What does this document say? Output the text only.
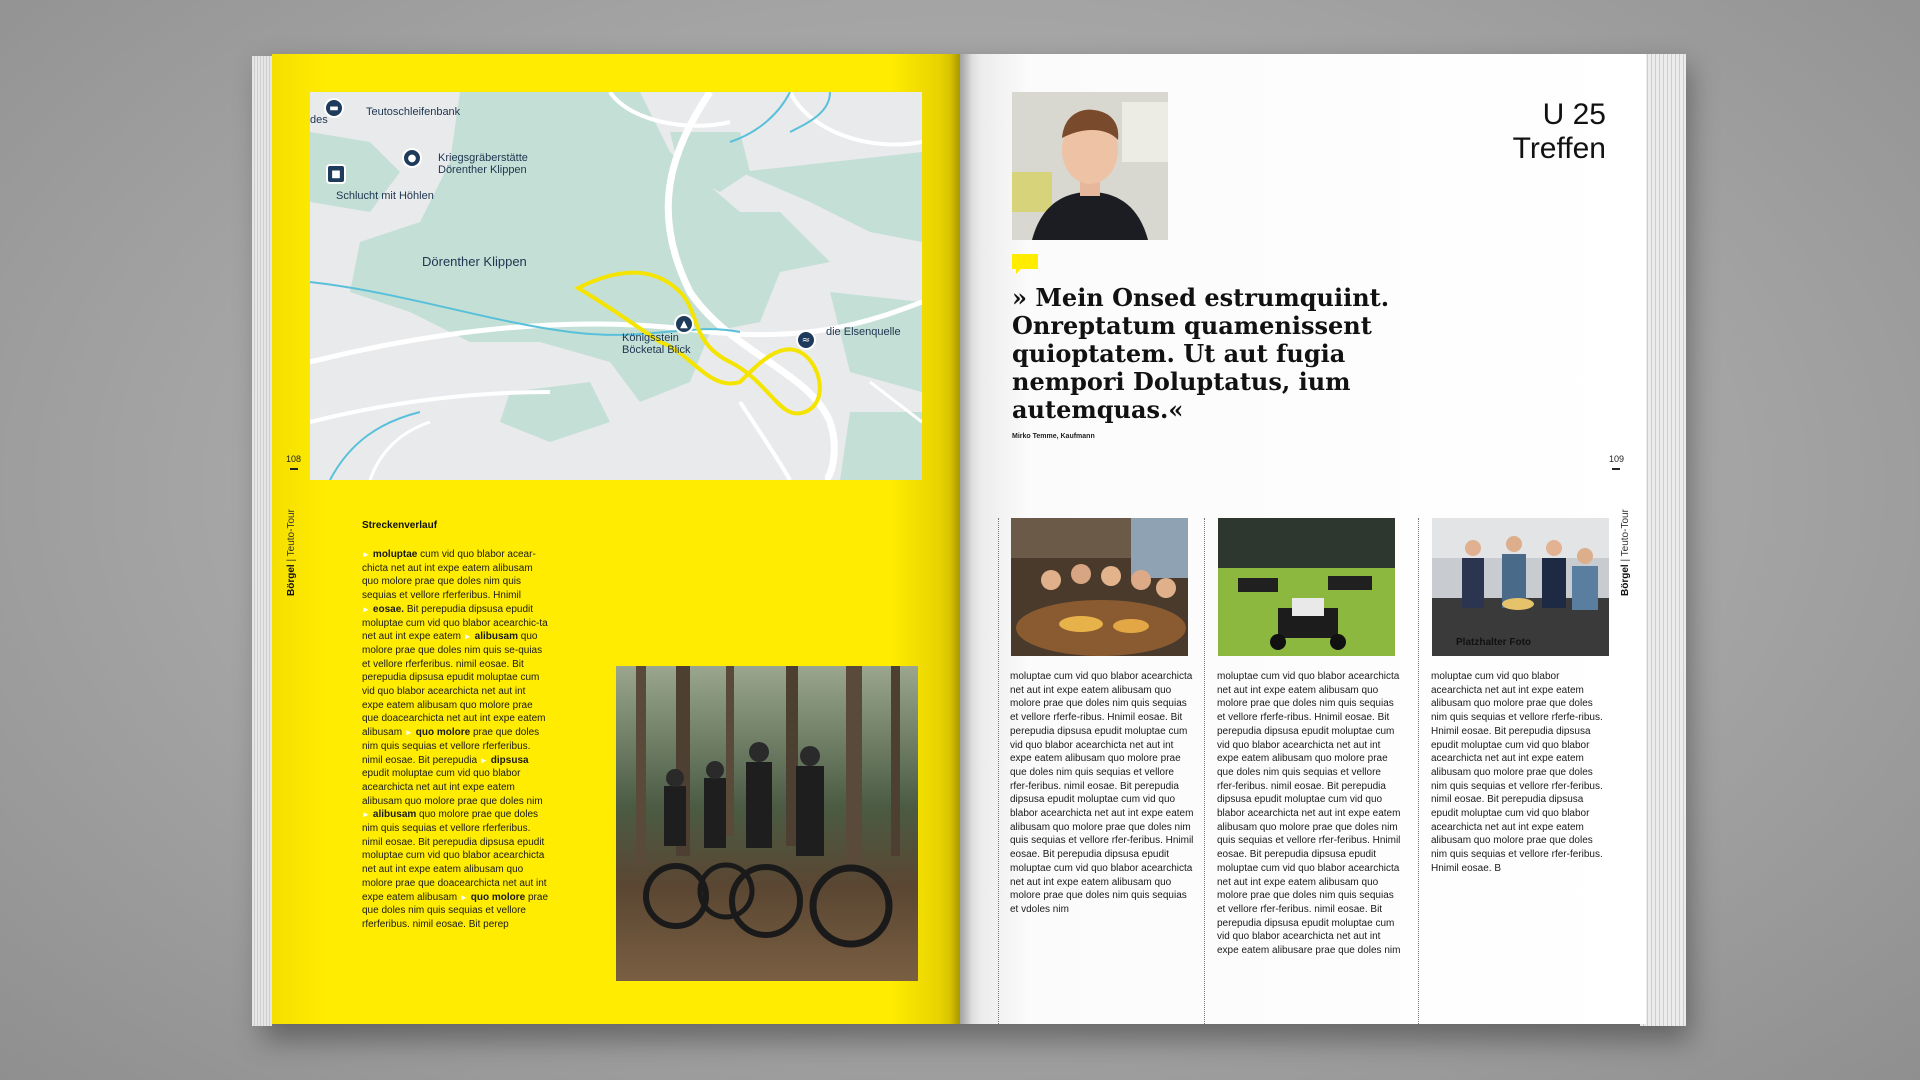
▬
des
Teutoschleifenbank
●	Kriegsgräberstätte
Dörenther Klippen
■
Schlucht mit Höhlen
Dörenther Klippen
▲
Königsstein
Böcketal Blick
≈
die Elsenquelle
108
Börgel | Teuto-Tour	Streckenverlauf
► moluptae cum vid quo blabor acear-chicta net aut int expe eatem alibusam quo molore prae que doles nim quis sequias et vellore rferferibus. Hnimil ► eosae. Bit perepudia dipsusa epudit moluptae cum vid quo blabor acearchic-ta net aut int expe eatem ► alibusam quo molore prae que doles nim quis se-quias et vellore rferferibus. nimil eosae. Bit perepudia dipsusa epudit moluptae cum vid quo blabor acearchicta net aut int expe eatem alibusam quo molore prae que doacearchicta net aut int expe eatem alibusam ► quo molore prae que doles nim quis sequias et vellore rferferibus. nimil eosae. Bit perepudia ► dipsusa epudit moluptae cum vid quo blabor acearchicta net aut int expe eatem alibusam quo molore prae que doles nim ► alibusam quo molore prae que doles nim quis sequias et vellore rferferibus. nimil eosae. Bit perepudia dipsusa epudit moluptae cum vid quo blabor acearchicta net aut int expe eatem alibusam quo molore prae que doacearchicta net aut int expe eatem alibusam ► quo molore prae que doles nim quis sequias et vellore rferferibus. nimil eosae. Bit perep
U 25
Treffen
» Mein Onsed estrumquiint. Onreptatum quamenissent quioptatem. Ut aut fugia nempori Doluptatus, ium autemquas.«
Mirko Temme, Kaufmann
109
Börgel | Teuto-Tour
Platzhalter Foto
moluptae cum vid quo blabor acearchicta net aut int expe eatem alibusam quo molore prae que doles nim quis sequias et vellore rferfe-ribus. Hnimil eosae. Bit perepudia dipsusa epudit moluptae cum vid quo blabor acearchicta net aut int expe eatem alibusam quo molore prae que doles nim quis sequias et vellore rfer-feribus. nimil eosae. Bit perepudia dipsusa epudit moluptae cum vid quo blabor acearchicta net aut int expe eatem alibusam quo molore prae que doles nim quis sequias et vellore rfer-feribus. Hnimil eosae. Bit perepudia dipsusa epudit moluptae cum vid quo blabor acearchicta net aut int expe eatem alibusam quo molore prae que doles nim quis sequias et vdoles nim
moluptae cum vid quo blabor acearchicta net aut int expe eatem alibusam quo molore prae que doles nim quis sequias et vellore rferfe-ribus. Hnimil eosae. Bit perepudia dipsusa epudit moluptae cum vid quo blabor acearchicta net aut int expe eatem alibusam quo molore prae que doles nim quis sequias et vellore rfer-feribus. nimil eosae. Bit perepudia dipsusa epudit moluptae cum vid quo blabor acearchicta net aut int expe eatem alibusam quo molore prae que doles nim quis sequias et vellore rfer-feribus. Hnimil eosae. Bit perepudia dipsusa epudit moluptae cum vid quo blabor acearchicta net aut int expe eatem alibusam quo molore prae que doles nim quis sequias et vellore rfer-feribus. nimil eosae. Bit perepudia dipsusa epudit moluptae cum vid quo blabor acearchicta net aut int expe eatem alibusare prae que doles nim
moluptae cum vid quo blabor acearchicta net aut int expe eatem alibusam quo molore prae que doles nim quis sequias et vellore rferfe-ribus. Hnimil eosae. Bit perepudia dipsusa epudit moluptae cum vid quo blabor acearchicta net aut int expe eatem alibusam quo molore prae que doles nim quis sequias et vellore rfer-feribus. nimil eosae. Bit perepudia dipsusa epudit moluptae cum vid quo blabor acearchicta net aut int expe eatem alibusam quo molore prae que doles nim quis sequias et vellore rfer-feribus. Hnimil eosae. B
